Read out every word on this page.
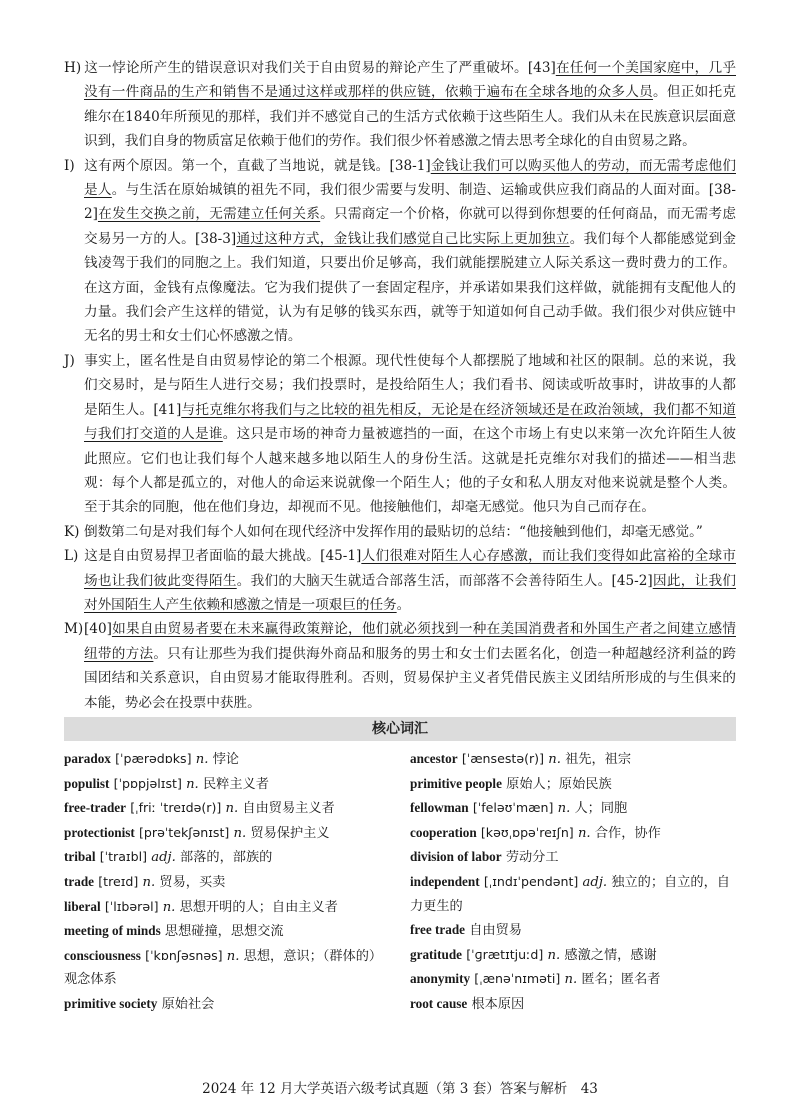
H) 这一悖论所产生的错误意识对我们关于自由贸易的辩论产生了严重破坏。[43]在任何一个美国家庭中，几乎没有一件商品的生产和销售不是通过这样或那样的供应链，依赖于遍布在全球各地的众多人员。但正如托克维尔在1840年所预见的那样，我们并不感觉自己的生活方式依赖于这些陌生人。我们从未在民族意识层面意识到，我们自身的物质富足依赖于他们的劳作。我们很少怀着感激之情去思考全球化的自由贸易之路。

I) 这有两个原因。第一个，直截了当地说，就是钱。[38-1]金钱让我们可以购买他人的劳动，而无需考虑他们是人。与生活在原始城镇的祖先不同，我们很少需要与发明、制造、运输或供应我们商品的人面对面。[38-2]在发生交换之前，无需建立任何关系。只需商定一个价格，你就可以得到你想要的任何商品，而无需考虑交易另一方的人。[38-3]通过这种方式，金钱让我们感觉自己比实际上更加独立。我们每个人都能感觉到金钱凌驾于我们的同胞之上。我们知道，只要出价足够高，我们就能摆脱建立人际关系这一费时费力的工作。在这方面，金钱有点像魔法。它为我们提供了一套固定程序，并承诺如果我们这样做，就能拥有支配他人的力量。我们会产生这样的错觉，认为有足够的钱买东西，就等于知道如何自己动手做。我们很少对供应链中无名的男士和女士们心怀感激之情。

J) 事实上，匿名性是自由贸易悖论的第二个根源。现代性使每个人都摆脱了地域和社区的限制。总的来说，我们交易时，是与陌生人进行交易；我们投票时，是投给陌生人；我们看书、阅读或听故事时，讲故事的人都是陌生人。[41]与托克维尔将我们与之比较的祖先相反，无论是在经济领域还是在政治领域，我们都不知道与我们打交道的人是谁。这只是市场的神奇力量被遮挡的一面，在这个市场上有史以来第一次允许陌生人彼此照应。它们也让我们每个人越来越多地以陌生人的身份生活。这就是托克维尔对我们的描述——相当悲观：每个人都是孤立的，对他人的命运来说就像一个陌生人；他的子女和私人朋友对他来说就是整个人类。至于其余的同胞，他在他们身边，却视而不见。他接触他们，却毫无感觉。他只为自己而存在。

K) 倒数第二句是对我们每个人如何在现代经济中发挥作用的最贴切的总结：“他接触到他们，却毫无感觉。”

L) 这是自由贸易捍卫者面临的最大挑战。[45-1]人们很难对陌生人心存感激，而让我们变得如此富裕的全球市场也让我们彼此变得陌生。我们的大脑天生就适合部落生活，而部落不会善待陌生人。[45-2]因此，让我们对外国陌生人产生依赖和感激之情是一项艰巨的任务。

M)[40]如果自由贸易者要在未来赢得政策辩论，他们就必须找到一种在美国消费者和外国生产者之间建立感情纽带的方法。只有让那些为我们提供海外商品和服务的男士和女士们去匿名化，创造一种超越经济利益的跨国团结和关系意识，自由贸易才能取得胜利。否则，贸易保护主义者凭借民族主义团结所形成的与生俱来的本能，势必会在投票中获胜。

核心词汇

paradox [ˈpærədɒks] n. 悖论

populist [ˈpɒpjəlɪst] n. 民粹主义者

free-trader [ˌfriː ˈtreɪdə(r)] n. 自由贸易主义者

protectionist [prəˈtekʃənɪst] n. 贸易保护主义

tribal [ˈtraɪbl] adj. 部落的，部族的

trade [treɪd] n. 贸易，买卖

liberal [ˈlɪbərəl] n. 思想开明的人；自由主义者

meeting of minds 思想碰撞，思想交流

consciousness [ˈkɒnʃəsnəs] n. 思想，意识；（群体的）观念体系

primitive society 原始社会

ancestor [ˈænsestə(r)] n. 祖先，祖宗

primitive people 原始人；原始民族

fellowman [ˈfeləʊˈmæn] n. 人；同胞

cooperation [kəʊˌɒpəˈreɪʃn] n. 合作，协作

division of labor 劳动分工

independent [ˌɪndɪˈpendənt] adj. 独立的；自立的，自力更生的

free trade 自由贸易

gratitude [ˈɡrætɪtjuːd] n. 感激之情，感谢

anonymity [ˌænəˈnɪməti] n. 匿名；匿名者

root cause 根本原因

2024 年 12 月大学英语六级考试真题（第 3 套）答案与解析　43
